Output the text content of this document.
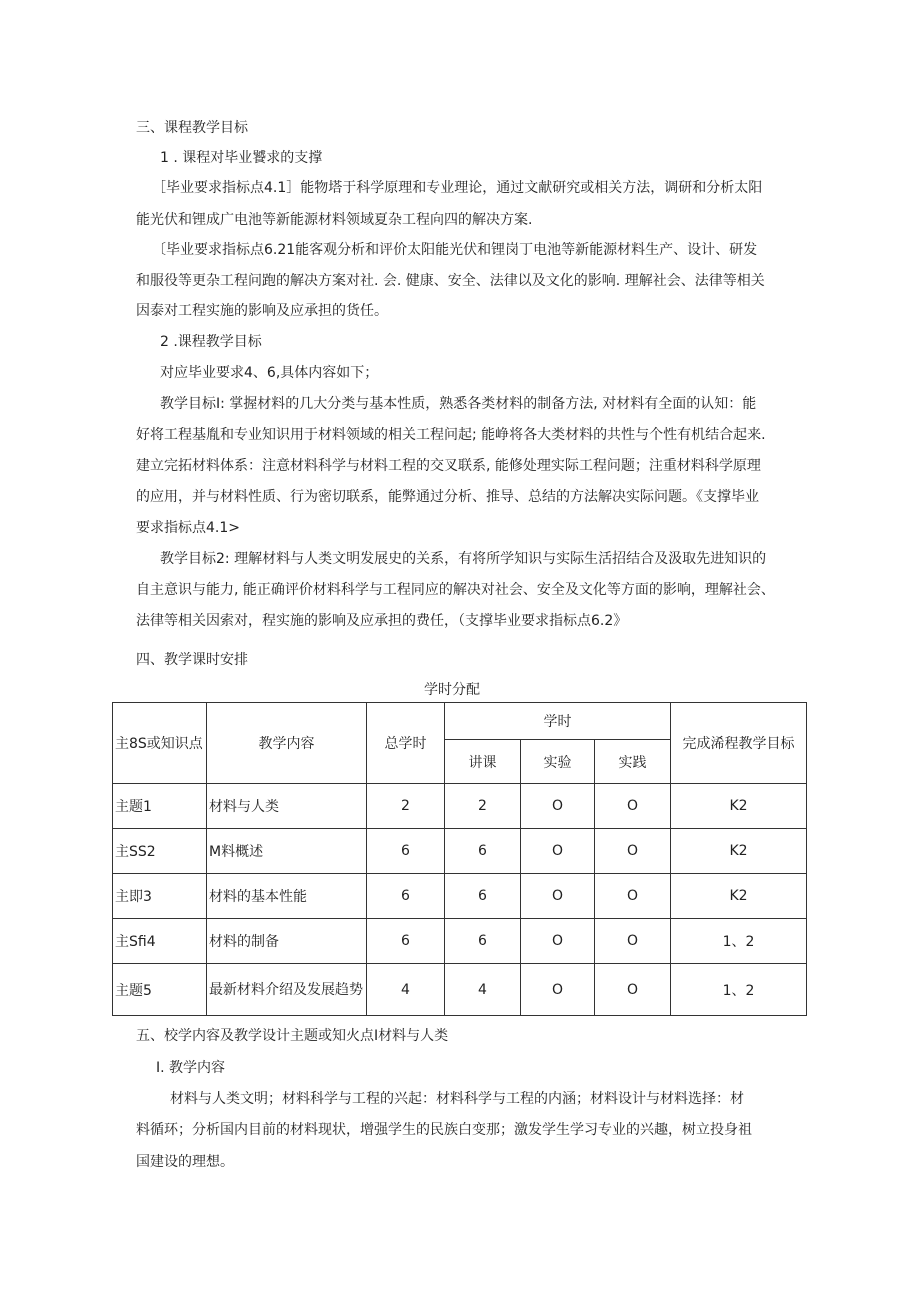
三、课程教学目标
1 . 课程对毕业饕求的支撑
［毕业要求指标点4.1］能物塔于科学原理和专业理论，通过文献研究或相关方法，调研和分析太阳
能光伏和锂成广电池等新能源材料领域夏杂工程向四的解决方案.
〔毕业要求指标点6.21能客观分析和评价太阳能光伏和锂岗丁电池等新能源材料生产、设计、研发
和服役等更杂工程问跑的解决方案对社. 会. 健康、安全、法律以及文化的影响. 理解社会、法律等相关
因泰对工程实施的影响及应承担的货任。
2 .课程教学目标
对应毕业要求4、6,具体内容如下；
教学目标I: 掌握材料的几大分类与基本性质，熟悉各类材料的制备方法, 对材料有全面的认知：能
好将工程基胤和专业知识用于材料领域的相关工程问起; 能峥将各大类材料的共性与个性有机结合起来.
建立完拓材料体系：注意材料科学与材料工程的交叉联系, 能修处理实际工程问题；注重材料科学原理
的应用，并与材料性质、行为密切联系，能弊通过分析、推导、总结的方法解决实际问题。《支撑毕业
要求指标点4.1>
教学目标2: 理解材料与人类文明发展史的关系，有将所学知识与实际生活招结合及汲取先进知识的
自主意识与能力, 能正确评价材料科学与工程同应的解决对社会、安全及文化等方面的影响，理解社会、
法律等相关因索对，程实施的影响及应承担的费任，（支撑毕业要求指标点6.2》
四、教学课时安排
学时分配
主8S或知识点	教学内容	总学时	学时			完成浠程教学目标
			讲课	实验	实践	
主题1	材料与人类	2	2	O	O	K2
主SS2	M料概述	6	6	O	O	K2
主即3	材料的基本性能	6	6	O	O	K2
主Sfi4	材料的制备	6	6	O	O	1、2
主题5	最新材料介绍及发展趋势	4	4	O	O	1、2
五、校学内容及教学设计主题或知火点I材料与人类
I. 教学内容
材料与人类文明；材料科学与工程的兴起：材料科学与工程的内涵；材料设计与材料选择：材
料循环；分析国内目前的材料现状，增强学生的民族白变那；激发学生学习专业的兴趣，树立投身祖
国建设的理想。
